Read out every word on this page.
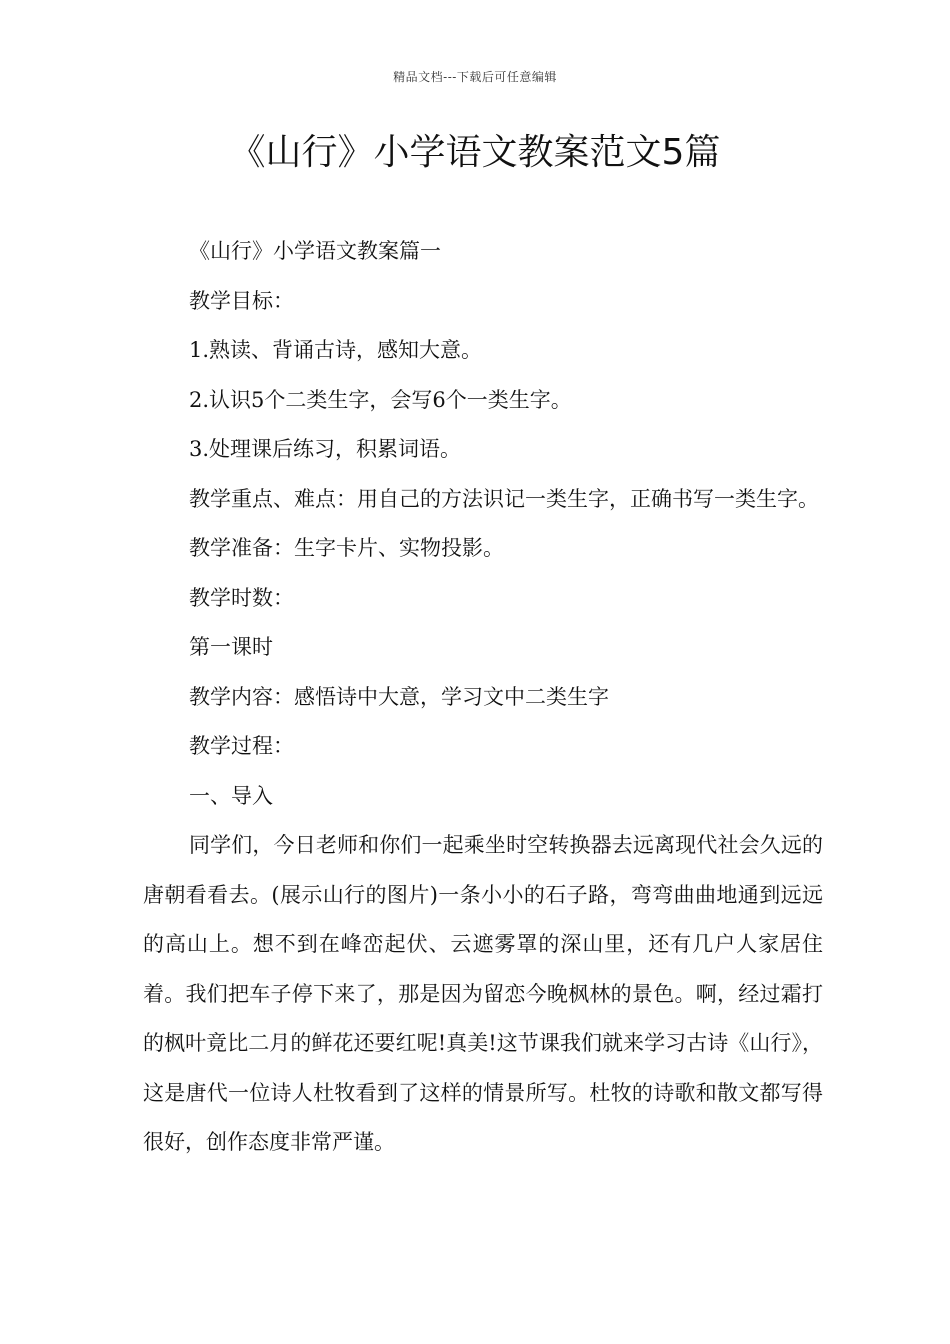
精品文档---下载后可任意编辑
《山行》小学语文教案范文5篇

《山行》小学语文教案篇一

教学目标：

1.熟读、背诵古诗，感知大意。

2.认识5个二类生字，会写6个一类生字。

3.处理课后练习，积累词语。

教学重点、难点：用自己的方法识记一类生字，正确书写一类生字。

教学准备：生字卡片、实物投影。

教学时数：

第一课时

教学内容：感悟诗中大意，学习文中二类生字

教学过程：

一、导入

同学们，今日老师和你们一起乘坐时空转换器去远离现代社会久远的唐朝看看去。(展示山行的图片)一条小小的石子路，弯弯曲曲地通到远远的高山上。想不到在峰峦起伏、云遮雾罩的深山里，还有几户人家居住着。我们把车子停下来了，那是因为留恋今晚枫林的景色。啊，经过霜打的枫叶竟比二月的鲜花还要红呢!真美!这节课我们就来学习古诗《山行》，这是唐代一位诗人杜牧看到了这样的情景所写。杜牧的诗歌和散文都写得很好，创作态度非常严谨。
